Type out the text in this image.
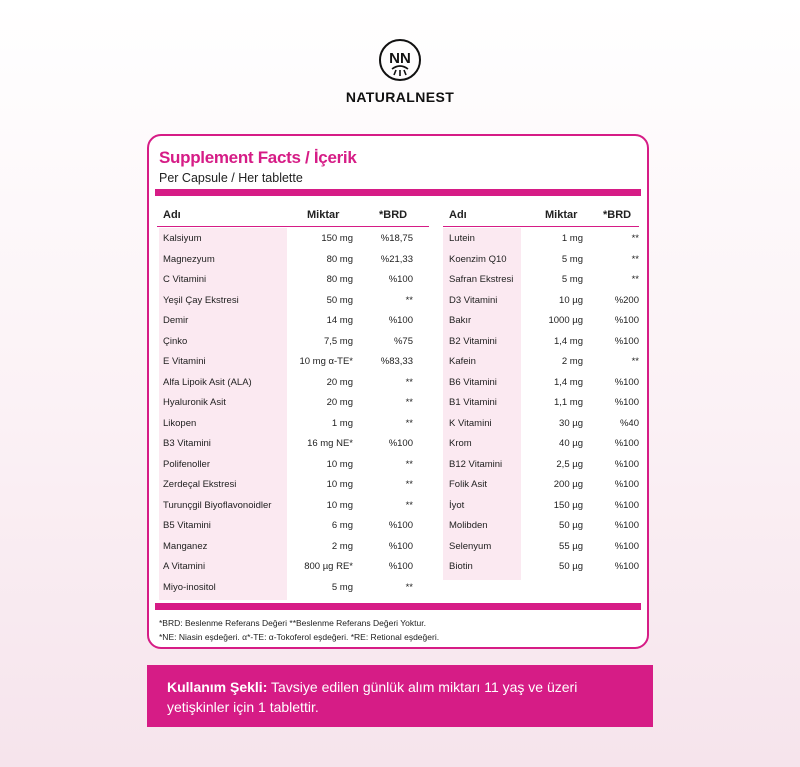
NN
NATURALNEST
Supplement Facts / İçerik
Per Capsule / Her tablette
Adı	Miktar	*BRD
Kalsiyum	150 mg	%18,75
Magnezyum	80 mg	%21,33
C Vitamini	80 mg	%100
Yeşil Çay Ekstresi	50 mg	**
Demir	14 mg	%100
Çinko	7,5 mg	%75
E Vitamini	10 mg α-TE*	%83,33
Alfa Lipoik Asit (ALA)	20 mg	**
Hyaluronik Asit	20 mg	**
Likopen	1 mg	**
B3 Vitamini	16 mg NE*	%100
Polifenoller	10 mg	**
Zerdeçal Ekstresi	10 mg	**
Turunçgil Biyoflavonoidler	10 mg	**
B5 Vitamini	6 mg	%100
Manganez	2 mg	%100
A Vitamini	800 µg RE*	%100
Miyo-inositol	5 mg	**
Adı	Miktar *BRD
Lutein	1 mg	**
Koenzim Q10	5 mg	**
Safran Ekstresi	5 mg	**
D3 Vitamini	10 µg	%200
Bakır	1000 µg	%100
B2 Vitamini	1,4 mg	%100
Kafein	2 mg	**
B6 Vitamini	1,4 mg	%100
B1 Vitamini	1,1 mg	%100
K Vitamini	30 µg	%40
Krom	40 µg	%100
B12 Vitamini	2,5 µg	%100
Folik Asit	200 µg	%100
İyot	150 µg	%100
Molibden	50 µg	%100
Selenyum	55 µg	%100
Biotin	50 µg	%100
*BRD: Beslenme Referans Değeri **Beslenme Referans Değeri Yoktur.
*NE: Niasin eşdeğeri. α*-TE: α-Tokoferol eşdeğeri. *RE: Retional eşdeğeri.
Kullanım Şekli: Tavsiye edilen günlük alım miktarı 11 yaş ve üzeri yetişkinler için 1 tablettir.
